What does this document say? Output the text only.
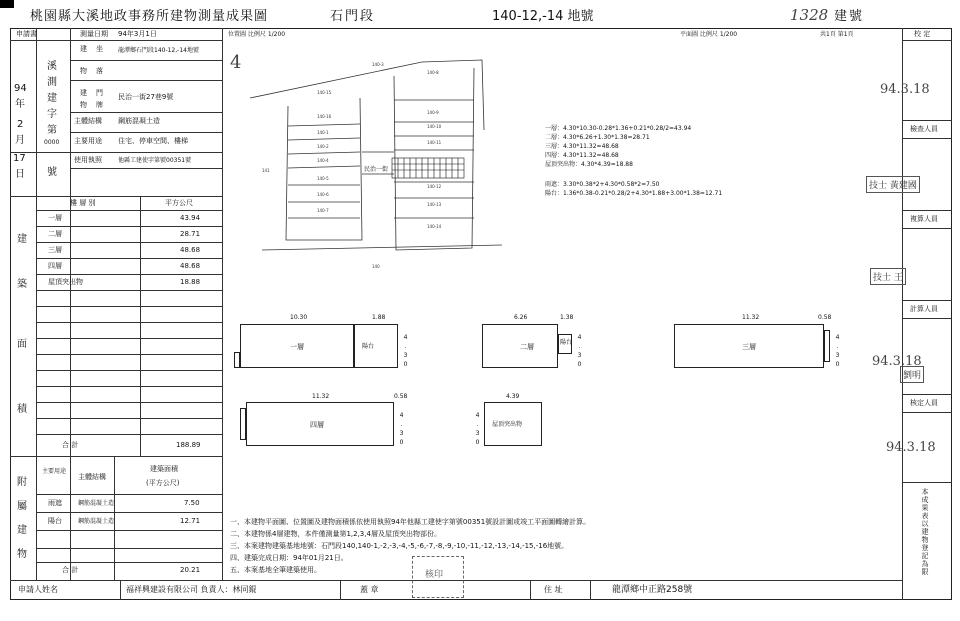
桃園縣大溪地政事務所建物測量成果圖	石門段	140-12,-14 地號	1328 建號
申請書	測量日期 94年3月1日
94
年
2
月
17
日
溪
測
建
字
第
0000
號
建 坐
物 落
龍潭鄉石門段140-12,-14地號
建 門
物 牌
民治一街27巷9號
主體結構 鋼筋混凝土造
主要用途 住宅、停車空間、樓梯
使用執照	他縣工建使字第號00351號
建
築
面
積
樓 層 別	平方公尺
一層	43.94
二層	28.71
三層	48.68
四層	48.68
屋頂突出物	18.88
合 計	188.89
附
屬
建
物
主要用途
主體結構
建築面積
(平方公尺)
雨遮	鋼筋混凝土造	7.50
陽台	鋼筋混凝土造	12.71
合 計	20.21
位置圖 比例尺 1/200	平面圖 比例尺 1/200	共1頁 第1頁
4	140-3
140-8
140-9
140-10
140-11
140-12
140-13
140-14
140-15
140-16
140-1
140-2
140-4
140-5
140-6
140-7
141
140
民治一街
一層：4.30*10.30-0.28*1.36+0.21*0.28/2=43.94
二層：4.30*6.26+1.30*1.38=28.71
三層：4.30*11.32=48.68
四層：4.30*11.32=48.68
屋頂突出物：4.30*4.39=18.88
雨遮：3.30*0.38*2+4.30*0.58*2=7.50
陽台：1.36*0.38-0.21*0.28/2+4.30*1.88+3.00*1.38=12.71
10.30	1.88
4.30
一層	陽台
6.26	1.38
4.30
二層
陽台
11.32	0.58
4.30
三層
11.32	0.58
4.30
四層
4.39
4.30 屋頂突出物
一、本建物平面圖、位置圖及建物面積係依使用執照94年他縣工建使字第號00351號設計圖或竣工平面圖轉繪計算。
二、本建物係4層建物，本件僅測量第1,2,3,4層及屋頂突出物部份。
三、本案建物建築基地地號：石門段140,140-1,-2,-3,-4,-5,-6,-7,-8,-9,-10,-11,-12,-13,-14,-15,-16地號。
四、建築完成日期：94年01月21日。
五、本案基地全筆建築使用。	核印
校 定
94.3.18
檢查人員
技士 黃建國
複算人員
技士 王
計算人員
94.3.18
劉明
核定人員
94.3.18
本成果表以建物登記為限
申請人姓名	福祥興建設有限公司 負責人：林同錕	蓋 章	住 址	龍潭鄉中正路258號
